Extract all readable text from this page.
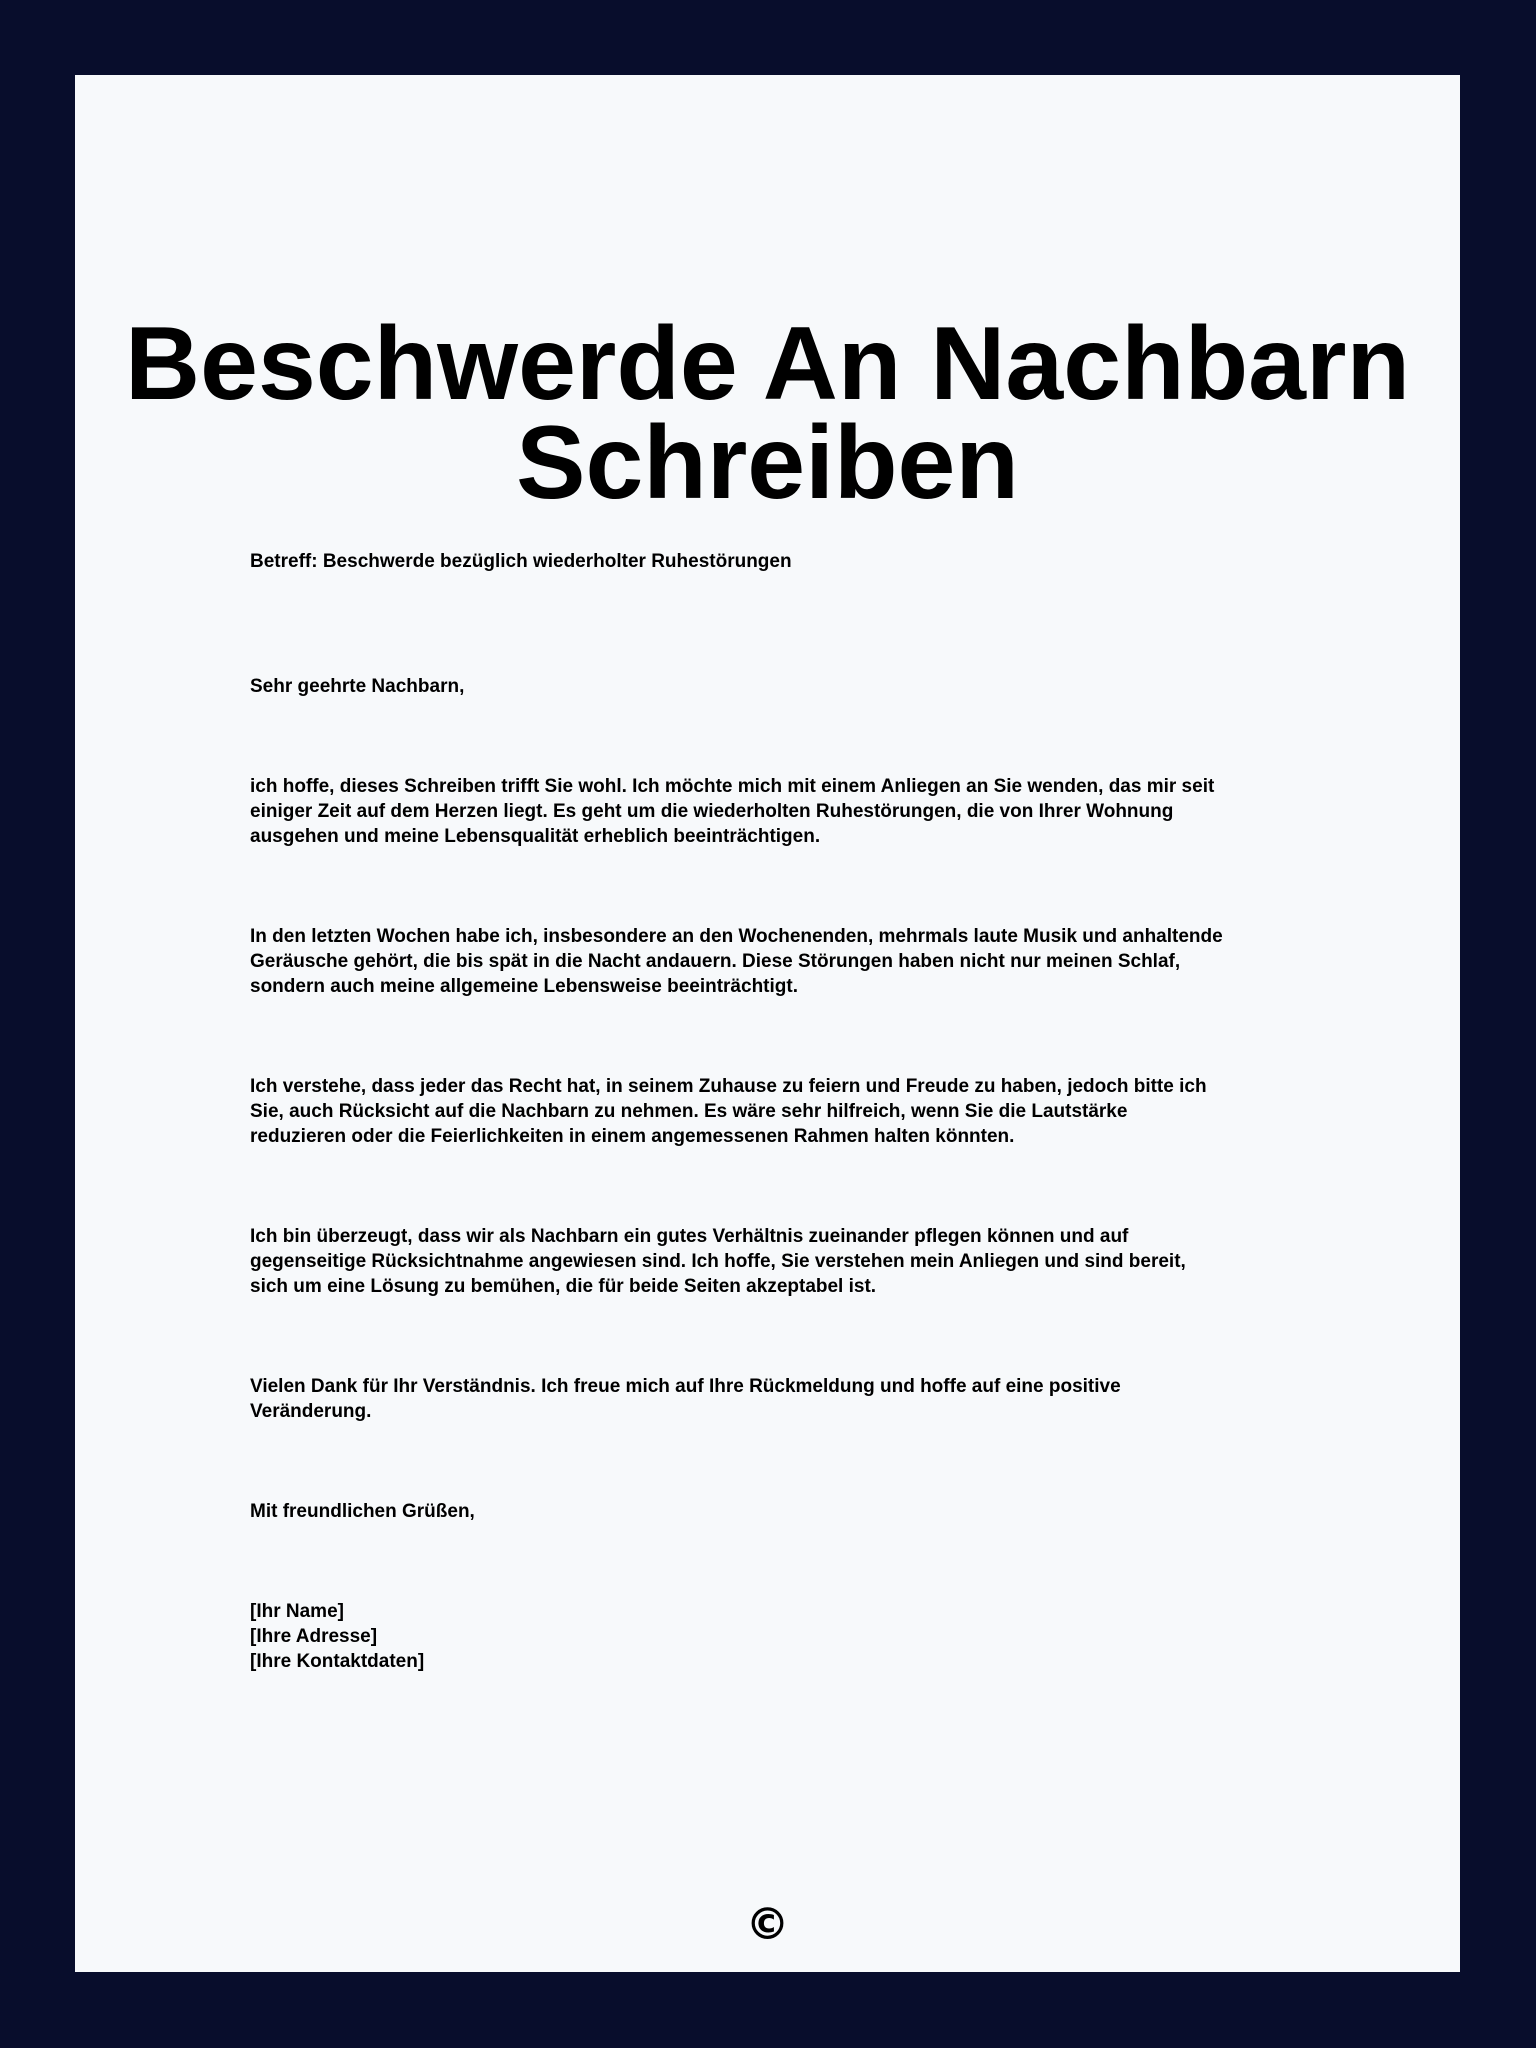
Beschwerde An Nachbarn
Schreiben

Betreff: Beschwerde bezüglich wiederholter Ruhestörungen

Sehr geehrte Nachbarn,

ich hoffe, dieses Schreiben trifft Sie wohl. Ich möchte mich mit einem Anliegen an Sie wenden, das mir seit
einiger Zeit auf dem Herzen liegt. Es geht um die wiederholten Ruhestörungen, die von Ihrer Wohnung
ausgehen und meine Lebensqualität erheblich beeinträchtigen.

In den letzten Wochen habe ich, insbesondere an den Wochenenden, mehrmals laute Musik und anhaltende
Geräusche gehört, die bis spät in die Nacht andauern. Diese Störungen haben nicht nur meinen Schlaf,
sondern auch meine allgemeine Lebensweise beeinträchtigt.

Ich verstehe, dass jeder das Recht hat, in seinem Zuhause zu feiern und Freude zu haben, jedoch bitte ich
Sie, auch Rücksicht auf die Nachbarn zu nehmen. Es wäre sehr hilfreich, wenn Sie die Lautstärke
reduzieren oder die Feierlichkeiten in einem angemessenen Rahmen halten könnten.

Ich bin überzeugt, dass wir als Nachbarn ein gutes Verhältnis zueinander pflegen können und auf
gegenseitige Rücksichtnahme angewiesen sind. Ich hoffe, Sie verstehen mein Anliegen und sind bereit,
sich um eine Lösung zu bemühen, die für beide Seiten akzeptabel ist.

Vielen Dank für Ihr Verständnis. Ich freue mich auf Ihre Rückmeldung und hoffe auf eine positive
Veränderung.

Mit freundlichen Grüßen,

[Ihr Name]
[Ihre Adresse]
[Ihre Kontaktdaten]

©
